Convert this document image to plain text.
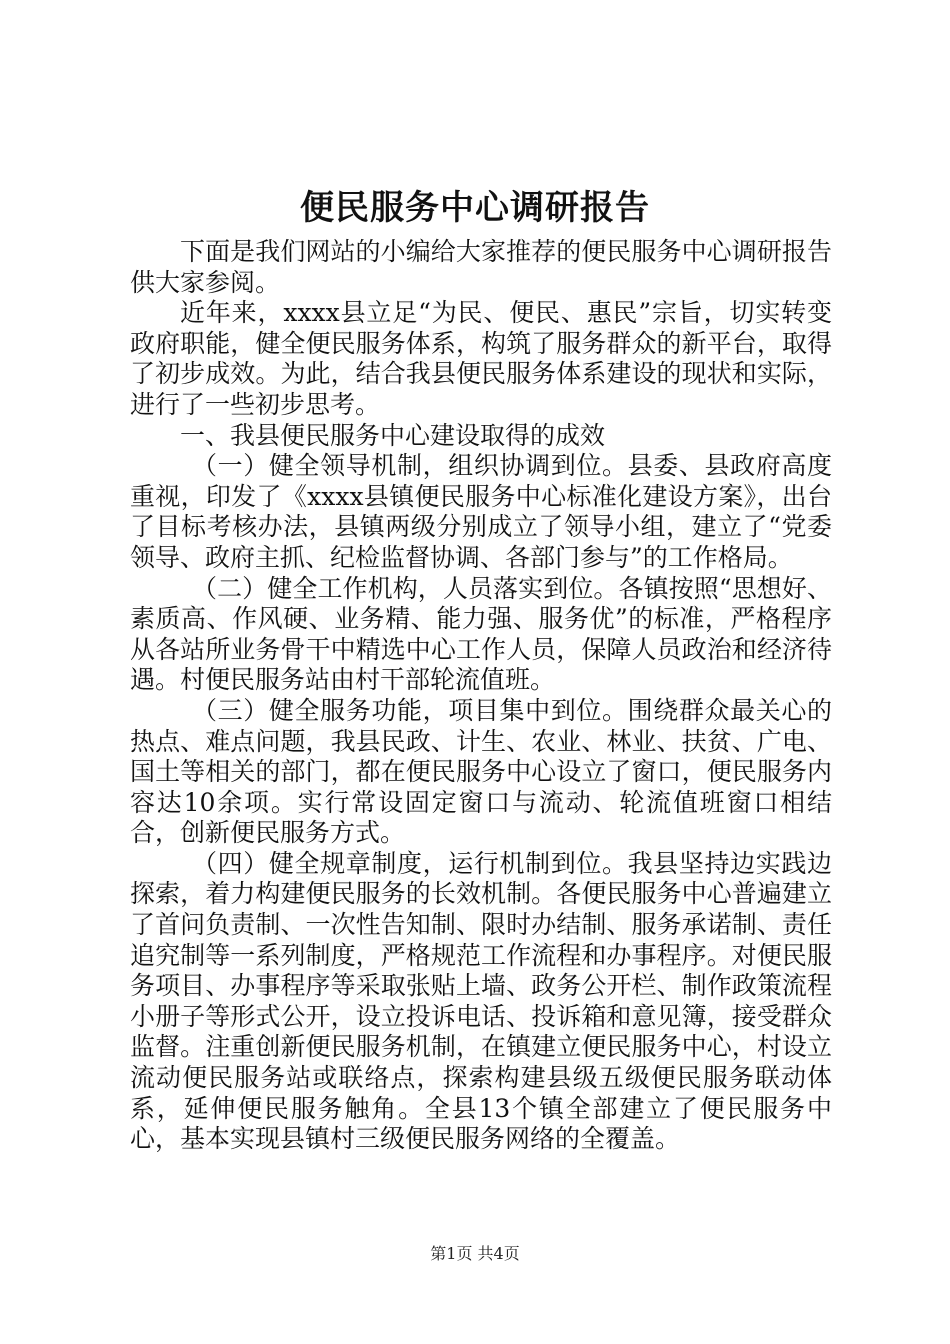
便民服务中心调研报告

下面是我们网站的小编给大家推荐的便民服务中心调研报告供大家参阅。

近年来，xxxx县立足“为民、便民、惠民”宗旨，切实转变政府职能，健全便民服务体系，构筑了服务群众的新平台，取得了初步成效。为此，结合我县便民服务体系建设的现状和实际，进行了一些初步思考。

一、我县便民服务中心建设取得的成效

（一）健全领导机制，组织协调到位。县委、县政府高度重视，印发了《xxxx县镇便民服务中心标准化建设方案》，出台了目标考核办法，县镇两级分别成立了领导小组，建立了“党委领导、政府主抓、纪检监督协调、各部门参与”的工作格局。

（二）健全工作机构，人员落实到位。各镇按照“思想好、素质高、作风硬、业务精、能力强、服务优”的标准，严格程序从各站所业务骨干中精选中心工作人员，保障人员政治和经济待遇。村便民服务站由村干部轮流值班。

（三）健全服务功能，项目集中到位。围绕群众最关心的热点、难点问题，我县民政、计生、农业、林业、扶贫、广电、国土等相关的部门，都在便民服务中心设立了窗口，便民服务内容达10余项。实行常设固定窗口与流动、轮流值班窗口相结合，创新便民服务方式。

（四）健全规章制度，运行机制到位。我县坚持边实践边探索，着力构建便民服务的长效机制。各便民服务中心普遍建立了首问负责制、一次性告知制、限时办结制、服务承诺制、责任追究制等一系列制度，严格规范工作流程和办事程序。对便民服务项目、办事程序等采取张贴上墙、政务公开栏、制作政策流程小册子等形式公开，设立投诉电话、投诉箱和意见簿，接受群众监督。注重创新便民服务机制，在镇建立便民服务中心，村设立流动便民服务站或联络点，探索构建县级五级便民服务联动体系，延伸便民服务触角。全县13个镇全部建立了便民服务中心，基本实现县镇村三级便民服务网络的全覆盖。

第1页 共4页
